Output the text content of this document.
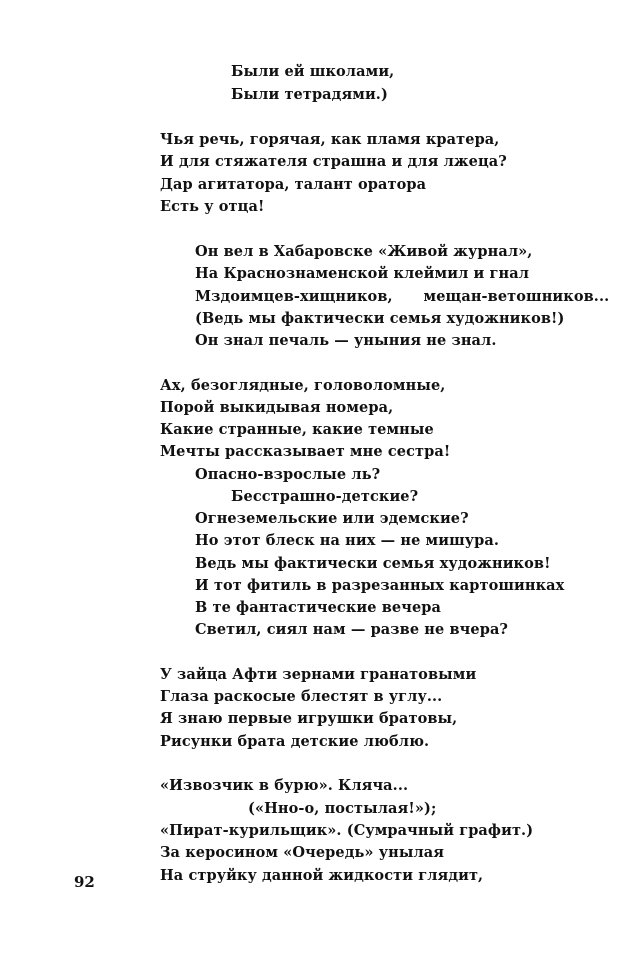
Были ей школами,
Были тетрадями.)
Чья речь, горячая, как пламя кратера,
И для стяжателя страшна и для лжеца?
Дар агитатора, талант оратора
Есть у отца!
Он вел в Хабаровске «Живой журнал»,
На Краснознаменской клеймил и гнал
Мздоимцев-хищников,      мещан-ветошников...
(Ведь мы фактически семья художников!)
Он знал печаль — уныния не знал.
Ах, безоглядные, головоломные,
Порой выкидывая номера,
Какие странные, какие темные
Мечты рассказывает мне сестра!
Опасно-взрослые ль?
Бесстрашно-детские?
Огнеземельские или эдемские?
Но этот блеск на них — не мишура.
Ведь мы фактически семья художников!
И тот фитиль в разрезанных картошинках
В те фантастические вечера
Светил, сиял нам — разве не вчера?
У зайца Афти зернами гранатовыми
Глаза раскосые блестят в углу...
Я знаю первые игрушки братовы,
Рисунки брата детские люблю.
«Извозчик в бурю». Кляча...
(«Нно-о, постылая!»);
«Пират-курильщик». (Сумрачный графит.)
За керосином «Очередь» унылая
На струйку данной жидкости глядит,
92
